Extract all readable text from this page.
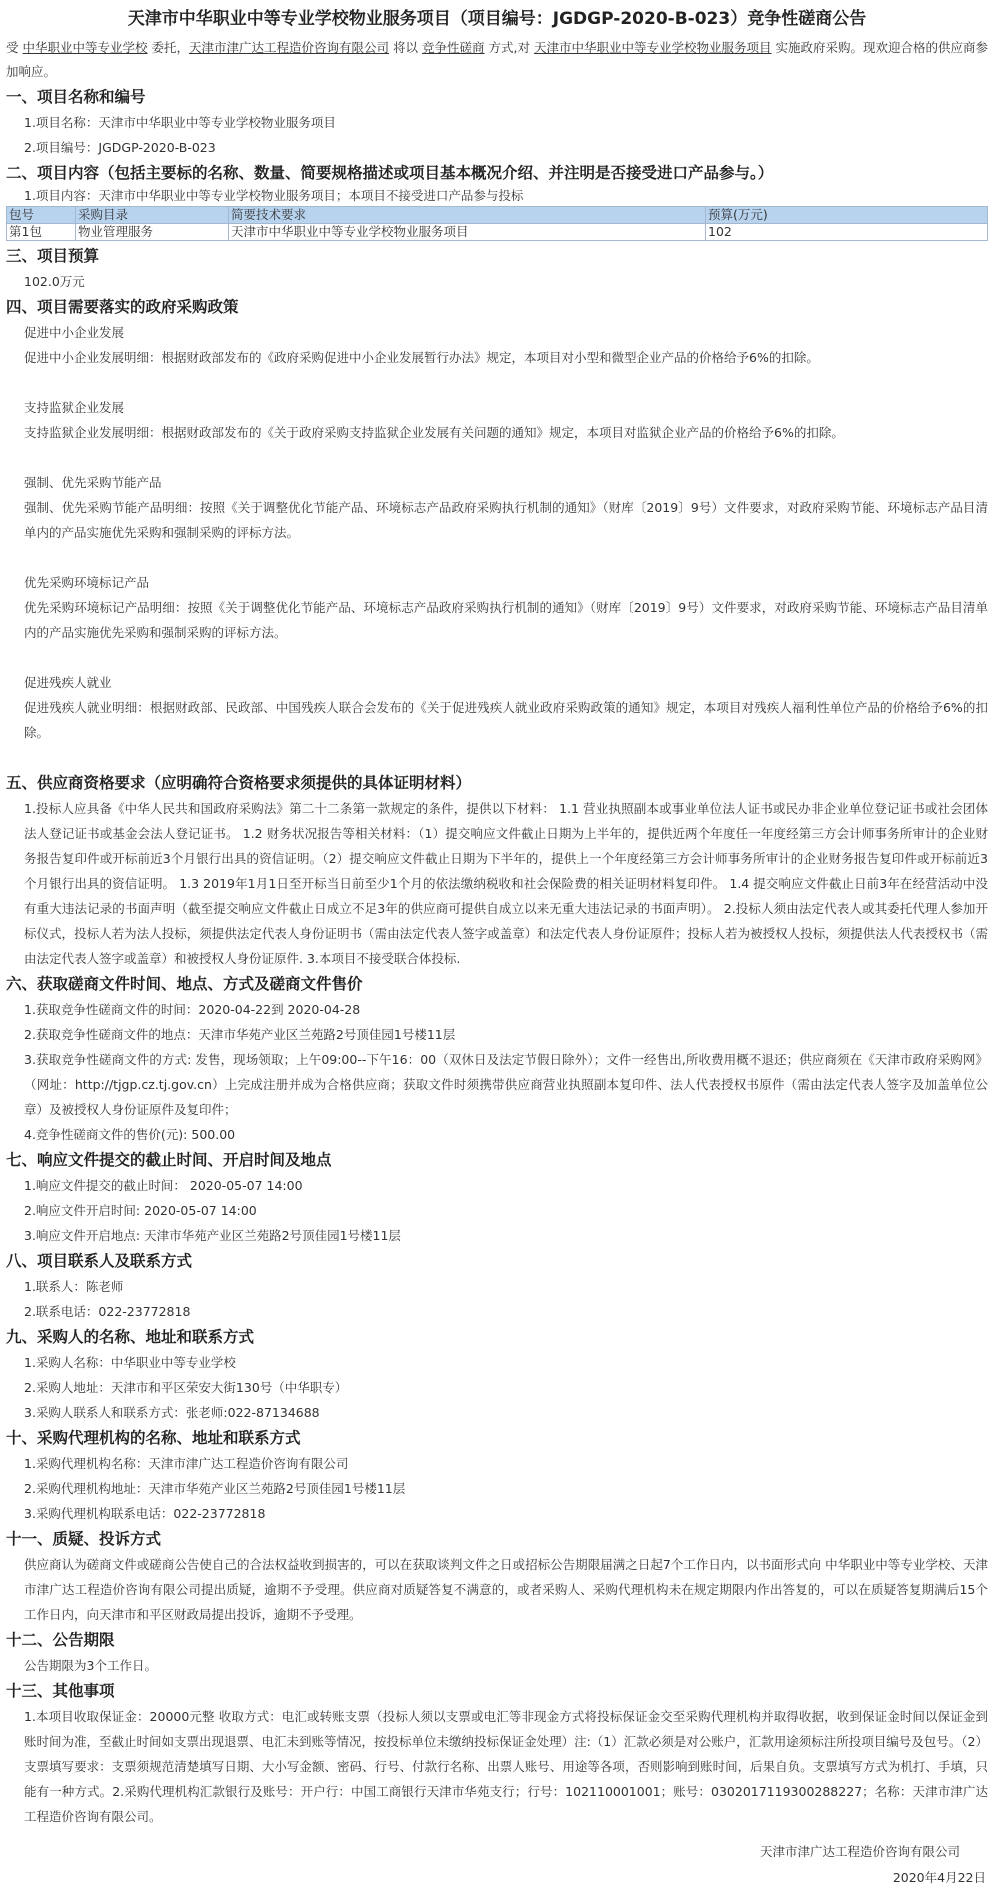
天津市中华职业中等专业学校物业服务项目（项目编号：JGDGP-2020-B-023）竞争性磋商公告

受 中华职业中等专业学校 委托，天津市津广达工程造价咨询有限公司 将以 竞争性磋商 方式,对 天津市中华职业中等专业学校物业服务项目 实施政府采购。现欢迎合格的供应商参加响应。

一、项目名称和编号

1.项目名称：天津市中华职业中等专业学校物业服务项目

2.项目编号：JGDGP-2020-B-023

二、项目内容（包括主要标的名称、数量、简要规格描述或项目基本概况介绍、并注明是否接受进口产品参与。）

1.项目内容：天津市中华职业中等专业学校物业服务项目；本项目不接受进口产品参与投标

包号	采购目录	简要技术要求	预算(万元)
第1包	物业管理服务	天津市中华职业中等专业学校物业服务项目	102
三、项目预算

102.0万元

四、项目需要落实的政府采购政策

促进中小企业发展

促进中小企业发展明细：根据财政部发布的《政府采购促进中小企业发展暂行办法》规定，本项目对小型和微型企业产品的价格给予6%的扣除。

支持监狱企业发展

支持监狱企业发展明细：根据财政部发布的《关于政府采购支持监狱企业发展有关问题的通知》规定，本项目对监狱企业产品的价格给予6%的扣除。

强制、优先采购节能产品

强制、优先采购节能产品明细：按照《关于调整优化节能产品、环境标志产品政府采购执行机制的通知》（财库〔2019〕9号）文件要求，对政府采购节能、环境标志产品目清单内的产品实施优先采购和强制采购的评标方法。

优先采购环境标记产品

优先采购环境标记产品明细：按照《关于调整优化节能产品、环境标志产品政府采购执行机制的通知》（财库〔2019〕9号）文件要求，对政府采购节能、环境标志产品目清单内的产品实施优先采购和强制采购的评标方法。

促进残疾人就业

促进残疾人就业明细：根据财政部、民政部、中国残疾人联合会发布的《关于促进残疾人就业政府采购政策的通知》规定，本项目对残疾人福利性单位产品的价格给予6%的扣除。

五、供应商资格要求（应明确符合资格要求须提供的具体证明材料）

1.投标人应具备《中华人民共和国政府采购法》第二十二条第一款规定的条件，提供以下材料： 1.1 营业执照副本或事业单位法人证书或民办非企业单位登记证书或社会团体法人登记证书或基金会法人登记证书。 1.2 财务状况报告等相关材料：（1）提交响应文件截止日期为上半年的，提供近两个年度任一年度经第三方会计师事务所审计的企业财务报告复印件或开标前近3个月银行出具的资信证明。（2）提交响应文件截止日期为下半年的，提供上一个年度经第三方会计师事务所审计的企业财务报告复印件或开标前近3个月银行出具的资信证明。 1.3 2019年1月1日至开标当日前至少1个月的依法缴纳税收和社会保险费的相关证明材料复印件。 1.4 提交响应文件截止日前3年在经营活动中没有重大违法记录的书面声明（截至提交响应文件截止日成立不足3年的供应商可提供自成立以来无重大违法记录的书面声明）。 2.投标人须由法定代表人或其委托代理人参加开标仪式，投标人若为法人投标，须提供法定代表人身份证明书（需由法定代表人签字或盖章）和法定代表人身份证原件；投标人若为被授权人投标，须提供法人代表授权书（需由法定代表人签字或盖章）和被授权人身份证原件. 3.本项目不接受联合体投标.

六、获取磋商文件时间、地点、方式及磋商文件售价

1.获取竞争性磋商文件的时间：2020-04-22到 2020-04-28

2.获取竞争性磋商文件的地点：天津市华苑产业区兰苑路2号顶佳园1号楼11层

3.获取竞争性磋商文件的方式: 发售，现场领取；上午09:00--下午16：00（双休日及法定节假日除外）；文件一经售出,所收费用概不退还；供应商须在《天津市政府采购网》（网址：http://tjgp.cz.tj.gov.cn）上完成注册并成为合格供应商；获取文件时须携带供应商营业执照副本复印件、法人代表授权书原件（需由法定代表人签字及加盖单位公章）及被授权人身份证原件及复印件；

4.竞争性磋商文件的售价(元): 500.00

七、响应文件提交的截止时间、开启时间及地点

1.响应文件提交的截止时间： 2020-05-07 14:00

2.响应文件开启时间: 2020-05-07 14:00

3.响应文件开启地点: 天津市华苑产业区兰苑路2号顶佳园1号楼11层

八、项目联系人及联系方式

1.联系人：陈老师

2.联系电话：022-23772818

九、采购人的名称、地址和联系方式

1.采购人名称：中华职业中等专业学校

2.采购人地址：天津市和平区荣安大街130号（中华职专）

3.采购人联系人和联系方式：张老师:022-87134688

十、采购代理机构的名称、地址和联系方式

1.采购代理机构名称：天津市津广达工程造价咨询有限公司

2.采购代理机构地址：天津市华苑产业区兰苑路2号顶佳园1号楼11层

3.采购代理机构联系电话：022-23772818

十一、质疑、投诉方式

供应商认为磋商文件或磋商公告使自己的合法权益收到损害的，可以在获取谈判文件之日或招标公告期限届满之日起7个工作日内，以书面形式向 中华职业中等专业学校、天津市津广达工程造价咨询有限公司提出质疑，逾期不予受理。供应商对质疑答复不满意的，或者采购人、采购代理机构未在规定期限内作出答复的，可以在质疑答复期满后15个工作日内，向天津市和平区财政局提出投诉，逾期不予受理。

十二、公告期限

公告期限为3个工作日。

十三、其他事项

1.本项目收取保证金：20000元整 收取方式：电汇或转账支票（投标人须以支票或电汇等非现金方式将投标保证金交至采购代理机构并取得收据，收到保证金时间以保证金到账时间为准，至截止时间如支票出现退票、电汇未到账等情况，按投标单位未缴纳投标保证金处理）注:（1）汇款必须是对公账户，汇款用途须标注所投项目编号及包号。（2）支票填写要求：支票须规范清楚填写日期、大小写金额、密码、行号、付款行名称、出票人账号、用途等各项，否则影响到账时间，后果自负。支票填写方式为机打、手填，只能有一种方式。2.采购代理机构汇款银行及账号：开户行：中国工商银行天津市华苑支行；行号：102110001001；账号：0302017119300288227；名称：天津市津广达工程造价咨询有限公司。

天津市津广达工程造价咨询有限公司

2020年4月22日
